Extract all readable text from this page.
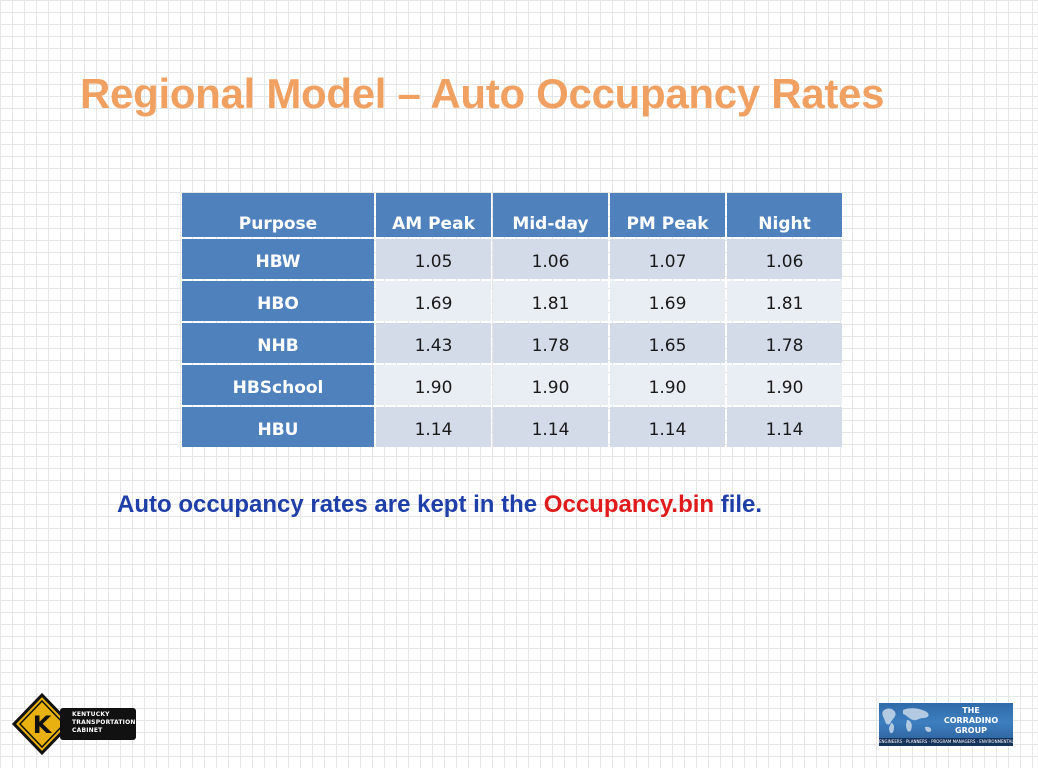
Regional Model – Auto Occupancy Rates
Purpose	AM Peak	Mid-day	PM Peak	Night
HBW	1.05	1.06	1.07	1.06
HBO	1.69	1.81	1.69	1.81
NHB	1.43	1.78	1.65	1.78
HBSchool	1.90	1.90	1.90	1.90
HBU	1.14	1.14	1.14	1.14

Auto occupancy rates are kept in the Occupancy.bin file.

K	KENTUCKY
TRANSPORTATION
CABINET
THE
CORRADINO
GROUP
ENGINEERS · PLANNERS · PROGRAM MANAGERS · ENVIRONMENTAL SCIENTISTS
